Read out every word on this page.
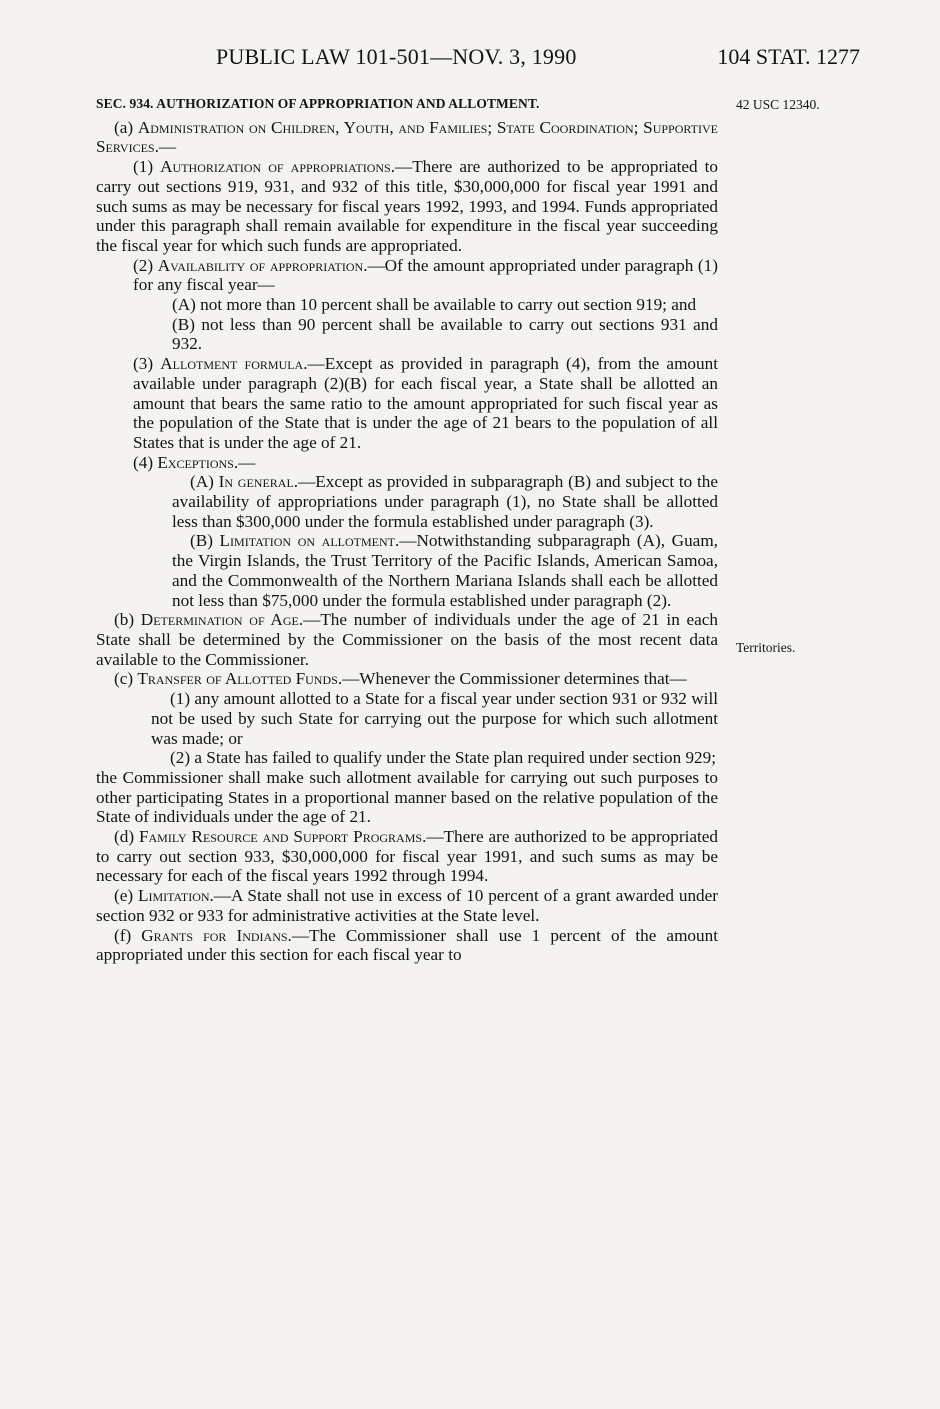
PUBLIC LAW 101-501—NOV. 3, 1990	104 STAT. 1277
42 USC 12340.
Territories.

SEC. 934. AUTHORIZATION OF APPROPRIATION AND ALLOTMENT.

(a) Administration on Children, Youth, and Families; State Coordination; Supportive Services.—

(1) Authorization of appropriations.—There are authorized to be appropriated to carry out sections 919, 931, and 932 of this title, $30,000,000 for fiscal year 1991 and such sums as may be necessary for fiscal years 1992, 1993, and 1994. Funds appropriated under this paragraph shall remain available for expenditure in the fiscal year succeeding the fiscal year for which such funds are appropriated.

(2) Availability of appropriation.—Of the amount appropriated under paragraph (1) for any fiscal year—

(A) not more than 10 percent shall be available to carry out section 919; and

(B) not less than 90 percent shall be available to carry out sections 931 and 932.

(3) Allotment formula.—Except as provided in paragraph (4), from the amount available under paragraph (2)(B) for each fiscal year, a State shall be allotted an amount that bears the same ratio to the amount appropriated for such fiscal year as the population of the State that is under the age of 21 bears to the population of all States that is under the age of 21.

(4) Exceptions.—

(A) In general.—Except as provided in subparagraph (B) and subject to the availability of appropriations under paragraph (1), no State shall be allotted less than $300,000 under the formula established under paragraph (3).

(B) Limitation on allotment.—Notwithstanding subparagraph (A), Guam, the Virgin Islands, the Trust Territory of the Pacific Islands, American Samoa, and the Commonwealth of the Northern Mariana Islands shall each be allotted not less than $75,000 under the formula established under paragraph (2).

(b) Determination of Age.—The number of individuals under the age of 21 in each State shall be determined by the Commissioner on the basis of the most recent data available to the Commissioner.

(c) Transfer of Allotted Funds.—Whenever the Commissioner determines that—

(1) any amount allotted to a State for a fiscal year under section 931 or 932 will not be used by such State for carrying out the purpose for which such allotment was made; or

(2) a State has failed to qualify under the State plan required under section 929;

the Commissioner shall make such allotment available for carrying out such purposes to other participating States in a proportional manner based on the relative population of the State of individuals under the age of 21.

(d) Family Resource and Support Programs.—There are authorized to be appropriated to carry out section 933, $30,000,000 for fiscal year 1991, and such sums as may be necessary for each of the fiscal years 1992 through 1994.

(e) Limitation.—A State shall not use in excess of 10 percent of a grant awarded under section 932 or 933 for administrative activities at the State level.

(f) Grants for Indians.—The Commissioner shall use 1 percent of the amount appropriated under this section for each fiscal year to
